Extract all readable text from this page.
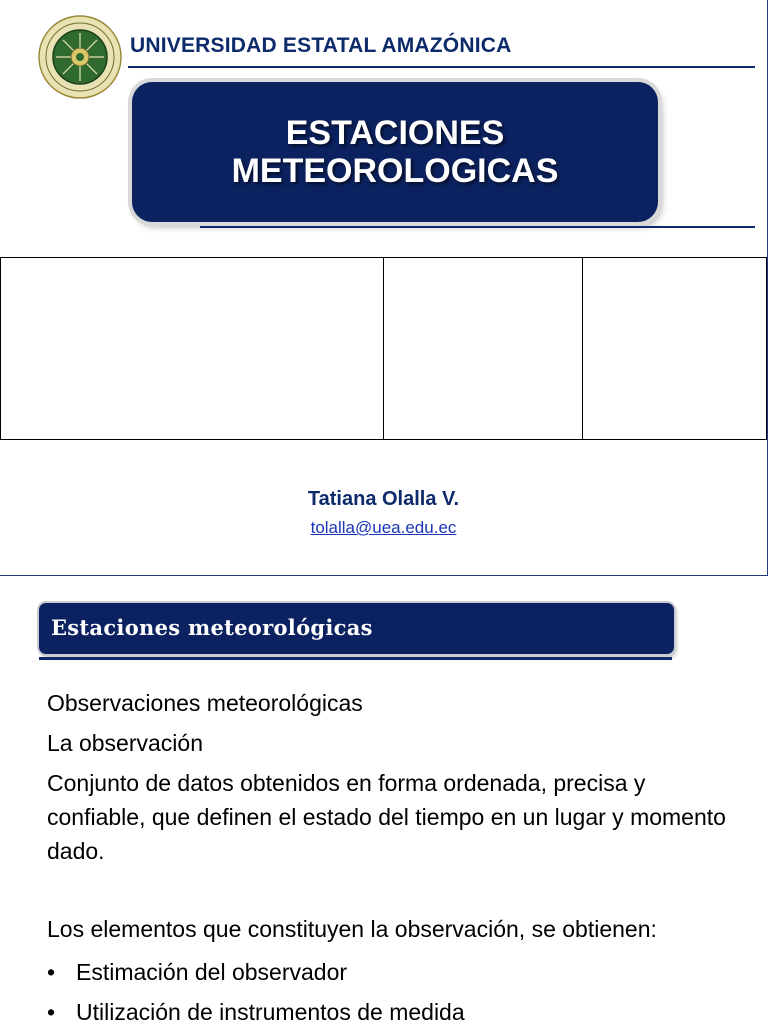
UNIVERSIDAD ESTATAL AMAZÓNICA
ESTACIONES
METEOROLOGICAS
Tatiana Olalla V.
tolalla@uea.edu.ec
Estaciones meteorológicas
Observaciones meteorológicas
La observación
Conjunto de datos obtenidos en forma ordenada, precisa y confiable, que definen el estado del tiempo en un lugar y momento dado.
Los elementos que constituyen la observación, se obtienen:
• Estimación del observador
• Utilización de instrumentos de medida
